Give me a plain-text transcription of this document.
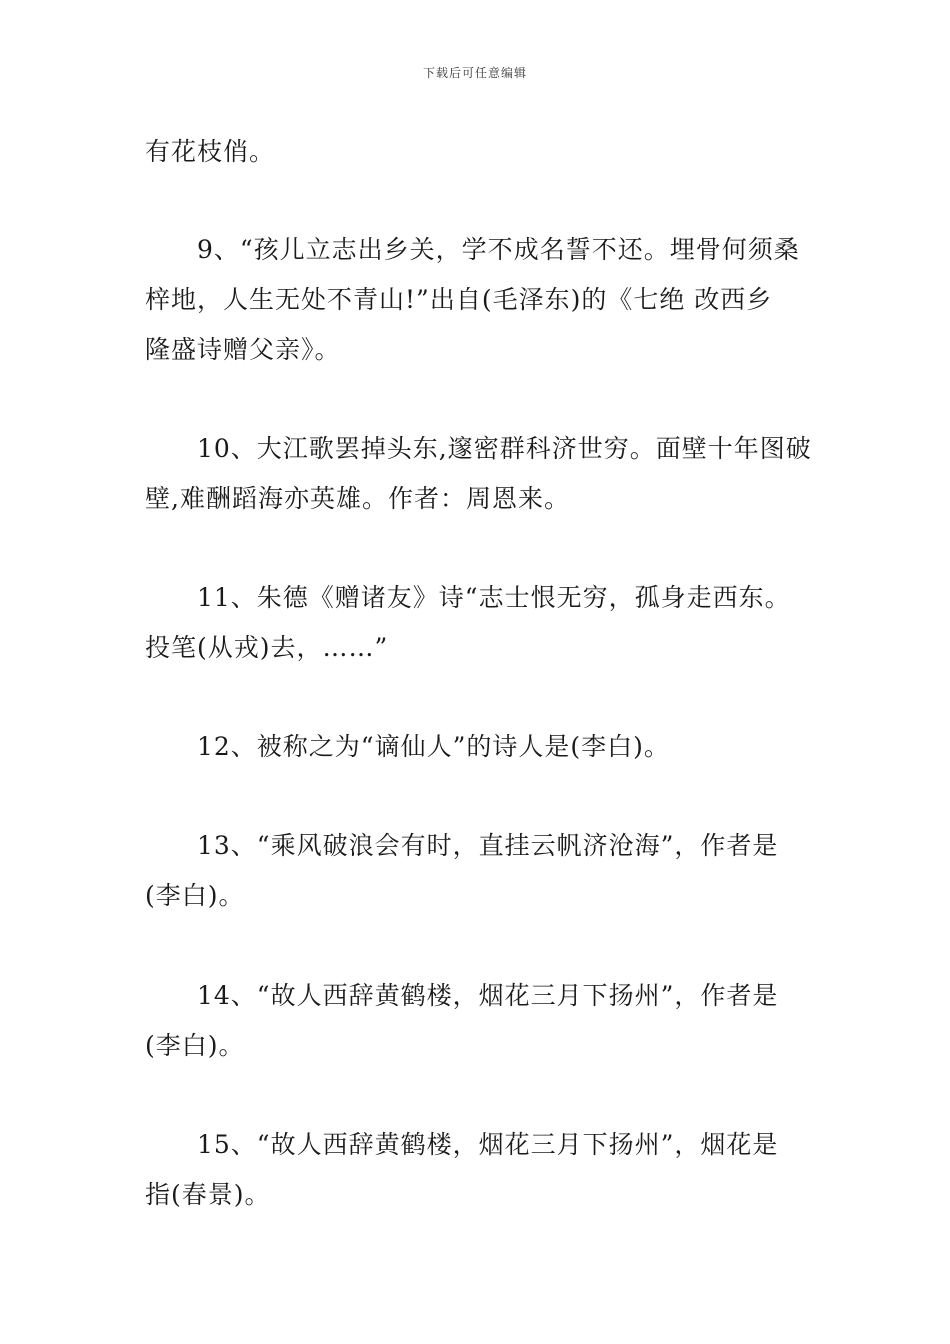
下载后可任意编辑
有花枝俏。
9、“孩儿立志出乡关，学不成名誓不还。埋骨何须桑
梓地，人生无处不青山!”出自(毛泽东)的《七绝 改西乡
隆盛诗赠父亲》。
10、大江歌罢掉头东,邃密群科济世穷。面壁十年图破
壁,难酬蹈海亦英雄。作者：周恩来。
11、朱德《赠诸友》诗“志士恨无穷，孤身走西东。
投笔(从戎)去，……”
12、被称之为“谪仙人”的诗人是(李白)。
13、“乘风破浪会有时，直挂云帆济沧海”，作者是
(李白)。
14、“故人西辞黄鹤楼，烟花三月下扬州”，作者是
(李白)。
15、“故人西辞黄鹤楼，烟花三月下扬州”，烟花是
指(春景)。
